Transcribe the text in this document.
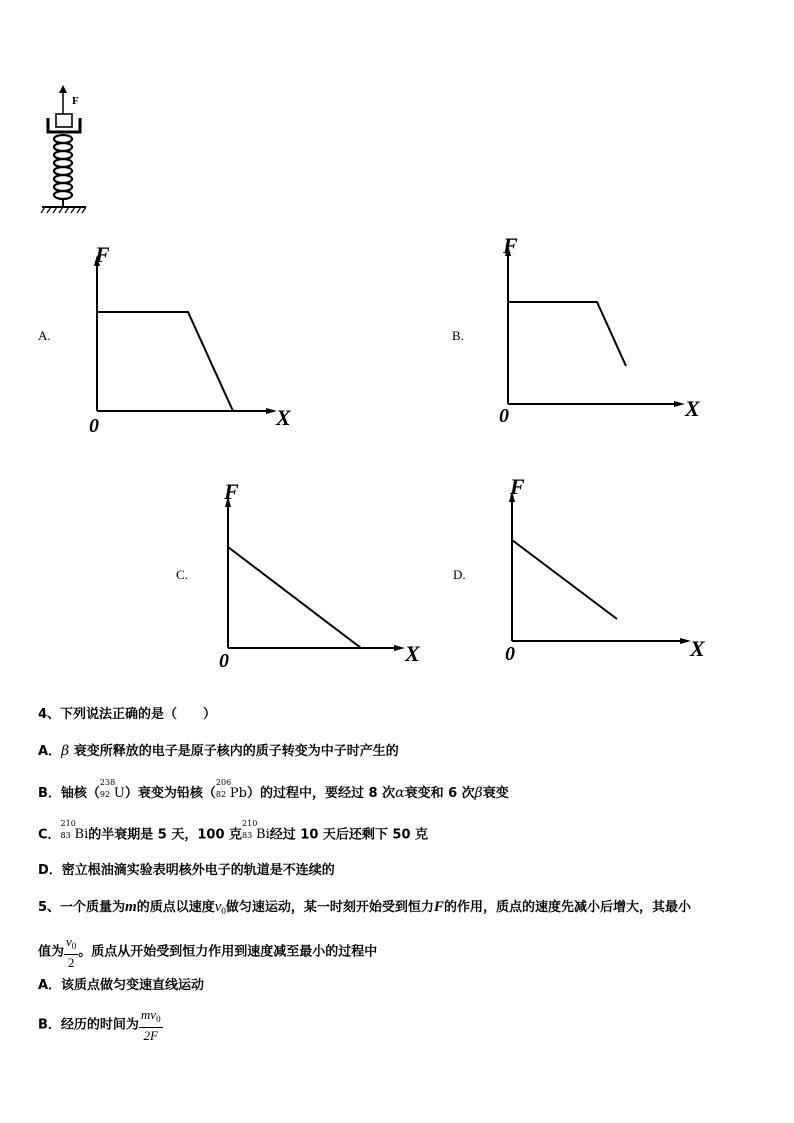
F
A.
F
X
0
B.
F
X
0
C.
F
X
0
D.
F
X
0
4、下列说法正确的是（　　）
A．β 衰变所释放的电子是原子核内的质子转变为中子时产生的
B．铀核（
238
92 U）衰变为铅核（
206
82 Pb）的过程中，要经过 8 次α衰变和 6 次β衰变
C．
210
83 Bi的半衰期是 5 天，100 克
210
83 Bi经过 10 天后还剩下 50 克
D．密立根油滴实验表明核外电子的轨道是不连续的
5、一个质量为m的质点以速度$v_0$做匀速运动，某一时刻开始受到恒力F的作用，质点的速度先减小后增大，其最小
值为 $\frac{v_0}{2}$ 。质点从开始受到恒力作用到速度减至最小的过程中
A．该质点做匀变速直线运动
B．经历的时间为 $\frac{mv_0}{2F}$
